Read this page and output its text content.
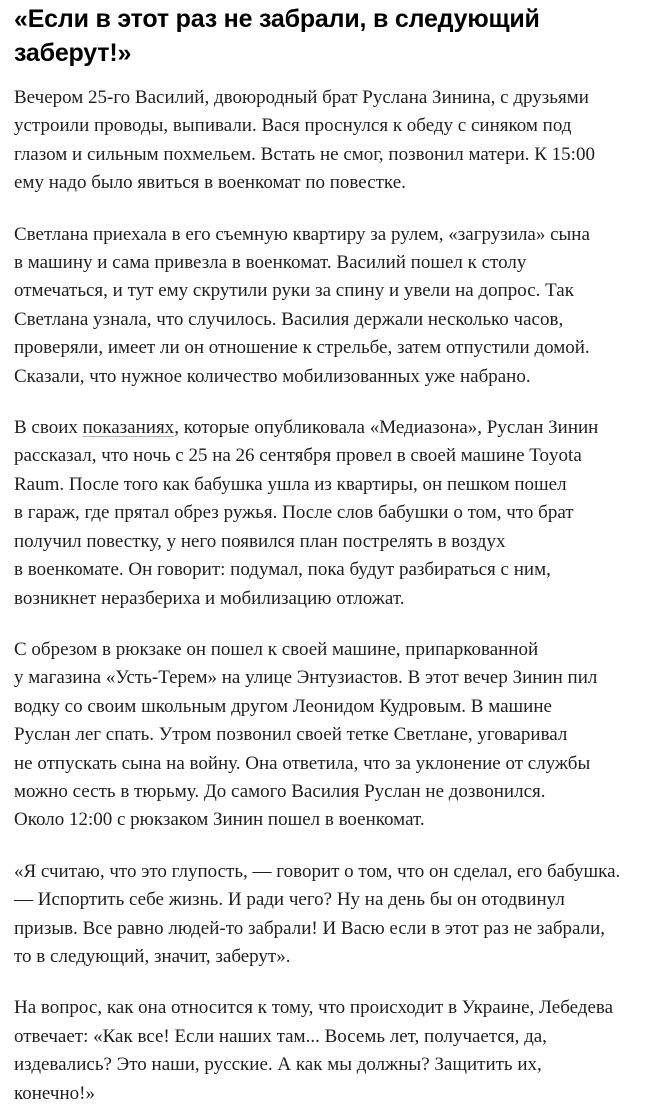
«Если в этот раз не забрали, в следующий
заберут!»

Вечером 25-го Василий, двоюродный брат Руслана Зинина, с друзьями
устроили проводы, выпивали. Вася проснулся к обеду с синяком под
глазом и сильным похмельем. Встать не смог, позвонил матери. К 15:00
ему надо было явиться в военкомат по повестке.

Светлана приехала в его съемную квартиру за рулем, «загрузила» сына
в машину и сама привезла в военкомат. Василий пошел к столу
отмечаться, и тут ему скрутили руки за спину и увели на допрос. Так
Светлана узнала, что случилось. Василия держали несколько часов,
проверяли, имеет ли он отношение к стрельбе, затем отпустили домой.
Сказали, что нужное количество мобилизованных уже набрано.

В своих показаниях, которые опубликовала «Медиазона», Руслан Зинин
рассказал, что ночь с 25 на 26 сентября провел в своей машине Toyota
Raum. После того как бабушка ушла из квартиры, он пешком пошел
в гараж, где прятал обрез ружья. После слов бабушки о том, что брат
получил повестку, у него появился план пострелять в воздух
в военкомате. Он говорит: подумал, пока будут разбираться с ним,
возникнет неразбериха и мобилизацию отложат.

С обрезом в рюкзаке он пошел к своей машине, припаркованной
у магазина «Усть-Терем» на улице Энтузиастов. В этот вечер Зинин пил
водку со своим школьным другом Леонидом Кудровым. В машине
Руслан лег спать. Утром позвонил своей тетке Светлане, уговаривал
не отпускать сына на войну. Она ответила, что за уклонение от службы
можно сесть в тюрьму. До самого Василия Руслан не дозвонился.
Около 12:00 с рюкзаком Зинин пошел в военкомат.

«Я считаю, что это глупость, — говорит о том, что он сделал, его бабушка.
— Испортить себе жизнь. И ради чего? Ну на день бы он отодвинул
призыв. Все равно людей-то забрали! И Васю если в этот раз не забрали,
то в следующий, значит, заберут».

На вопрос, как она относится к тому, что происходит в Украине, Лебедева
отвечает: «Как все! Если наших там... Восемь лет, получается, да,
издевались? Это наши, русские. А как мы должны? Защитить их,
конечно!»
